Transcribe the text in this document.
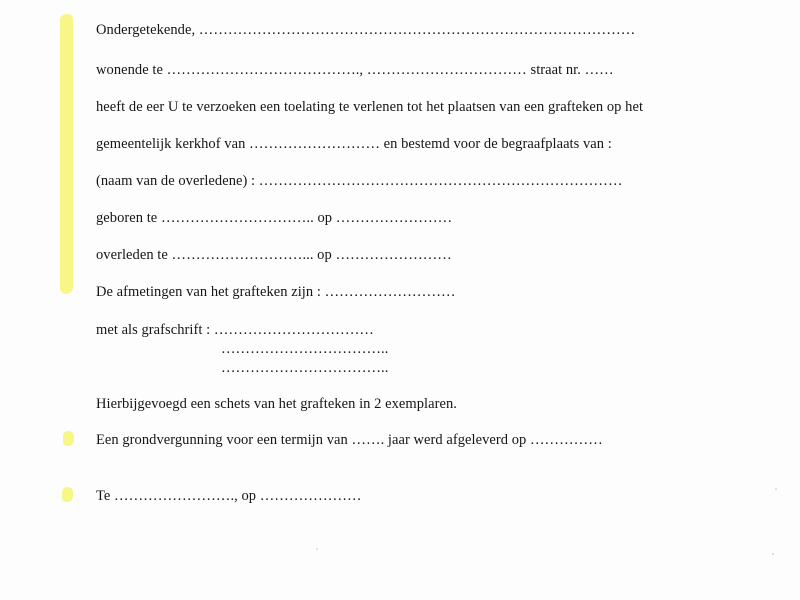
Ondergetekende, ………………………………………………………………………………
wonende te …………………………………., …………………………… straat nr. ……
heeft de eer U te verzoeken een toelating te verlenen tot het plaatsen van een grafteken op het
gemeentelijk kerkhof van ……………………… en bestemd voor de begraafplaats van :
(naam van de overledene) : …………………………………………………………………
geboren te ………………………….. op ……………………
overleden te ………………………... op ……………………
De afmetingen van het grafteken zijn : ………………………
met als grafschrift : ……………………………
……………………………..
……………………………..
Hierbijgevoegd een schets van het grafteken in 2 exemplaren.
Een grondvergunning voor een termijn van ……. jaar werd afgeleverd op ……………
Te ……………………., op …………………
